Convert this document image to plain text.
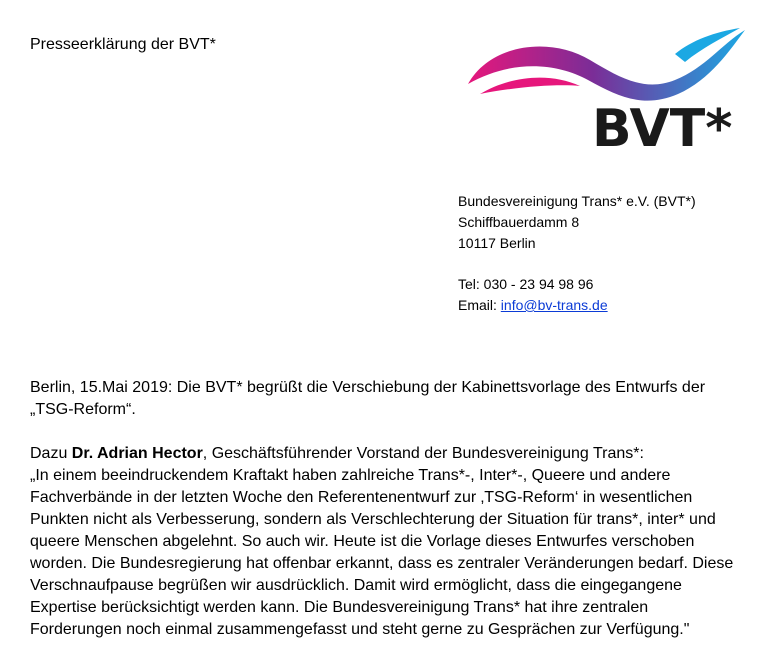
Presseerklärung der BVT*
BVT*
Bundesvereinigung Trans* e.V. (BVT*)
Schiffbauerdamm 8
10117 Berlin
Tel: 030 - 23 94 98 96
Email: info@bv-trans.de
Berlin, 15.Mai 2019: Die BVT* begrüßt die Verschiebung der Kabinettsvorlage des Entwurfs der
„TSG-Reform“.
Dazu Dr. Adrian Hector, Geschäftsführender Vorstand der Bundesvereinigung Trans*:
„In einem beeindruckendem Kraftakt haben zahlreiche Trans*-, Inter*-, Queere und andere
Fachverbände in der letzten Woche den Referentenentwurf zur ‚TSG-Reform‘ in wesentlichen
Punkten nicht als Verbesserung, sondern als Verschlechterung der Situation für trans*, inter* und
queere Menschen abgelehnt. So auch wir. Heute ist die Vorlage dieses Entwurfes verschoben
worden. Die Bundesregierung hat offenbar erkannt, dass es zentraler Veränderungen bedarf. Diese
Verschnaufpause begrüßen wir ausdrücklich. Damit wird ermöglicht, dass die eingegangene
Expertise berücksichtigt werden kann. Die Bundesvereinigung Trans* hat ihre zentralen
Forderungen noch einmal zusammengefasst und steht gerne zu Gesprächen zur Verfügung."
